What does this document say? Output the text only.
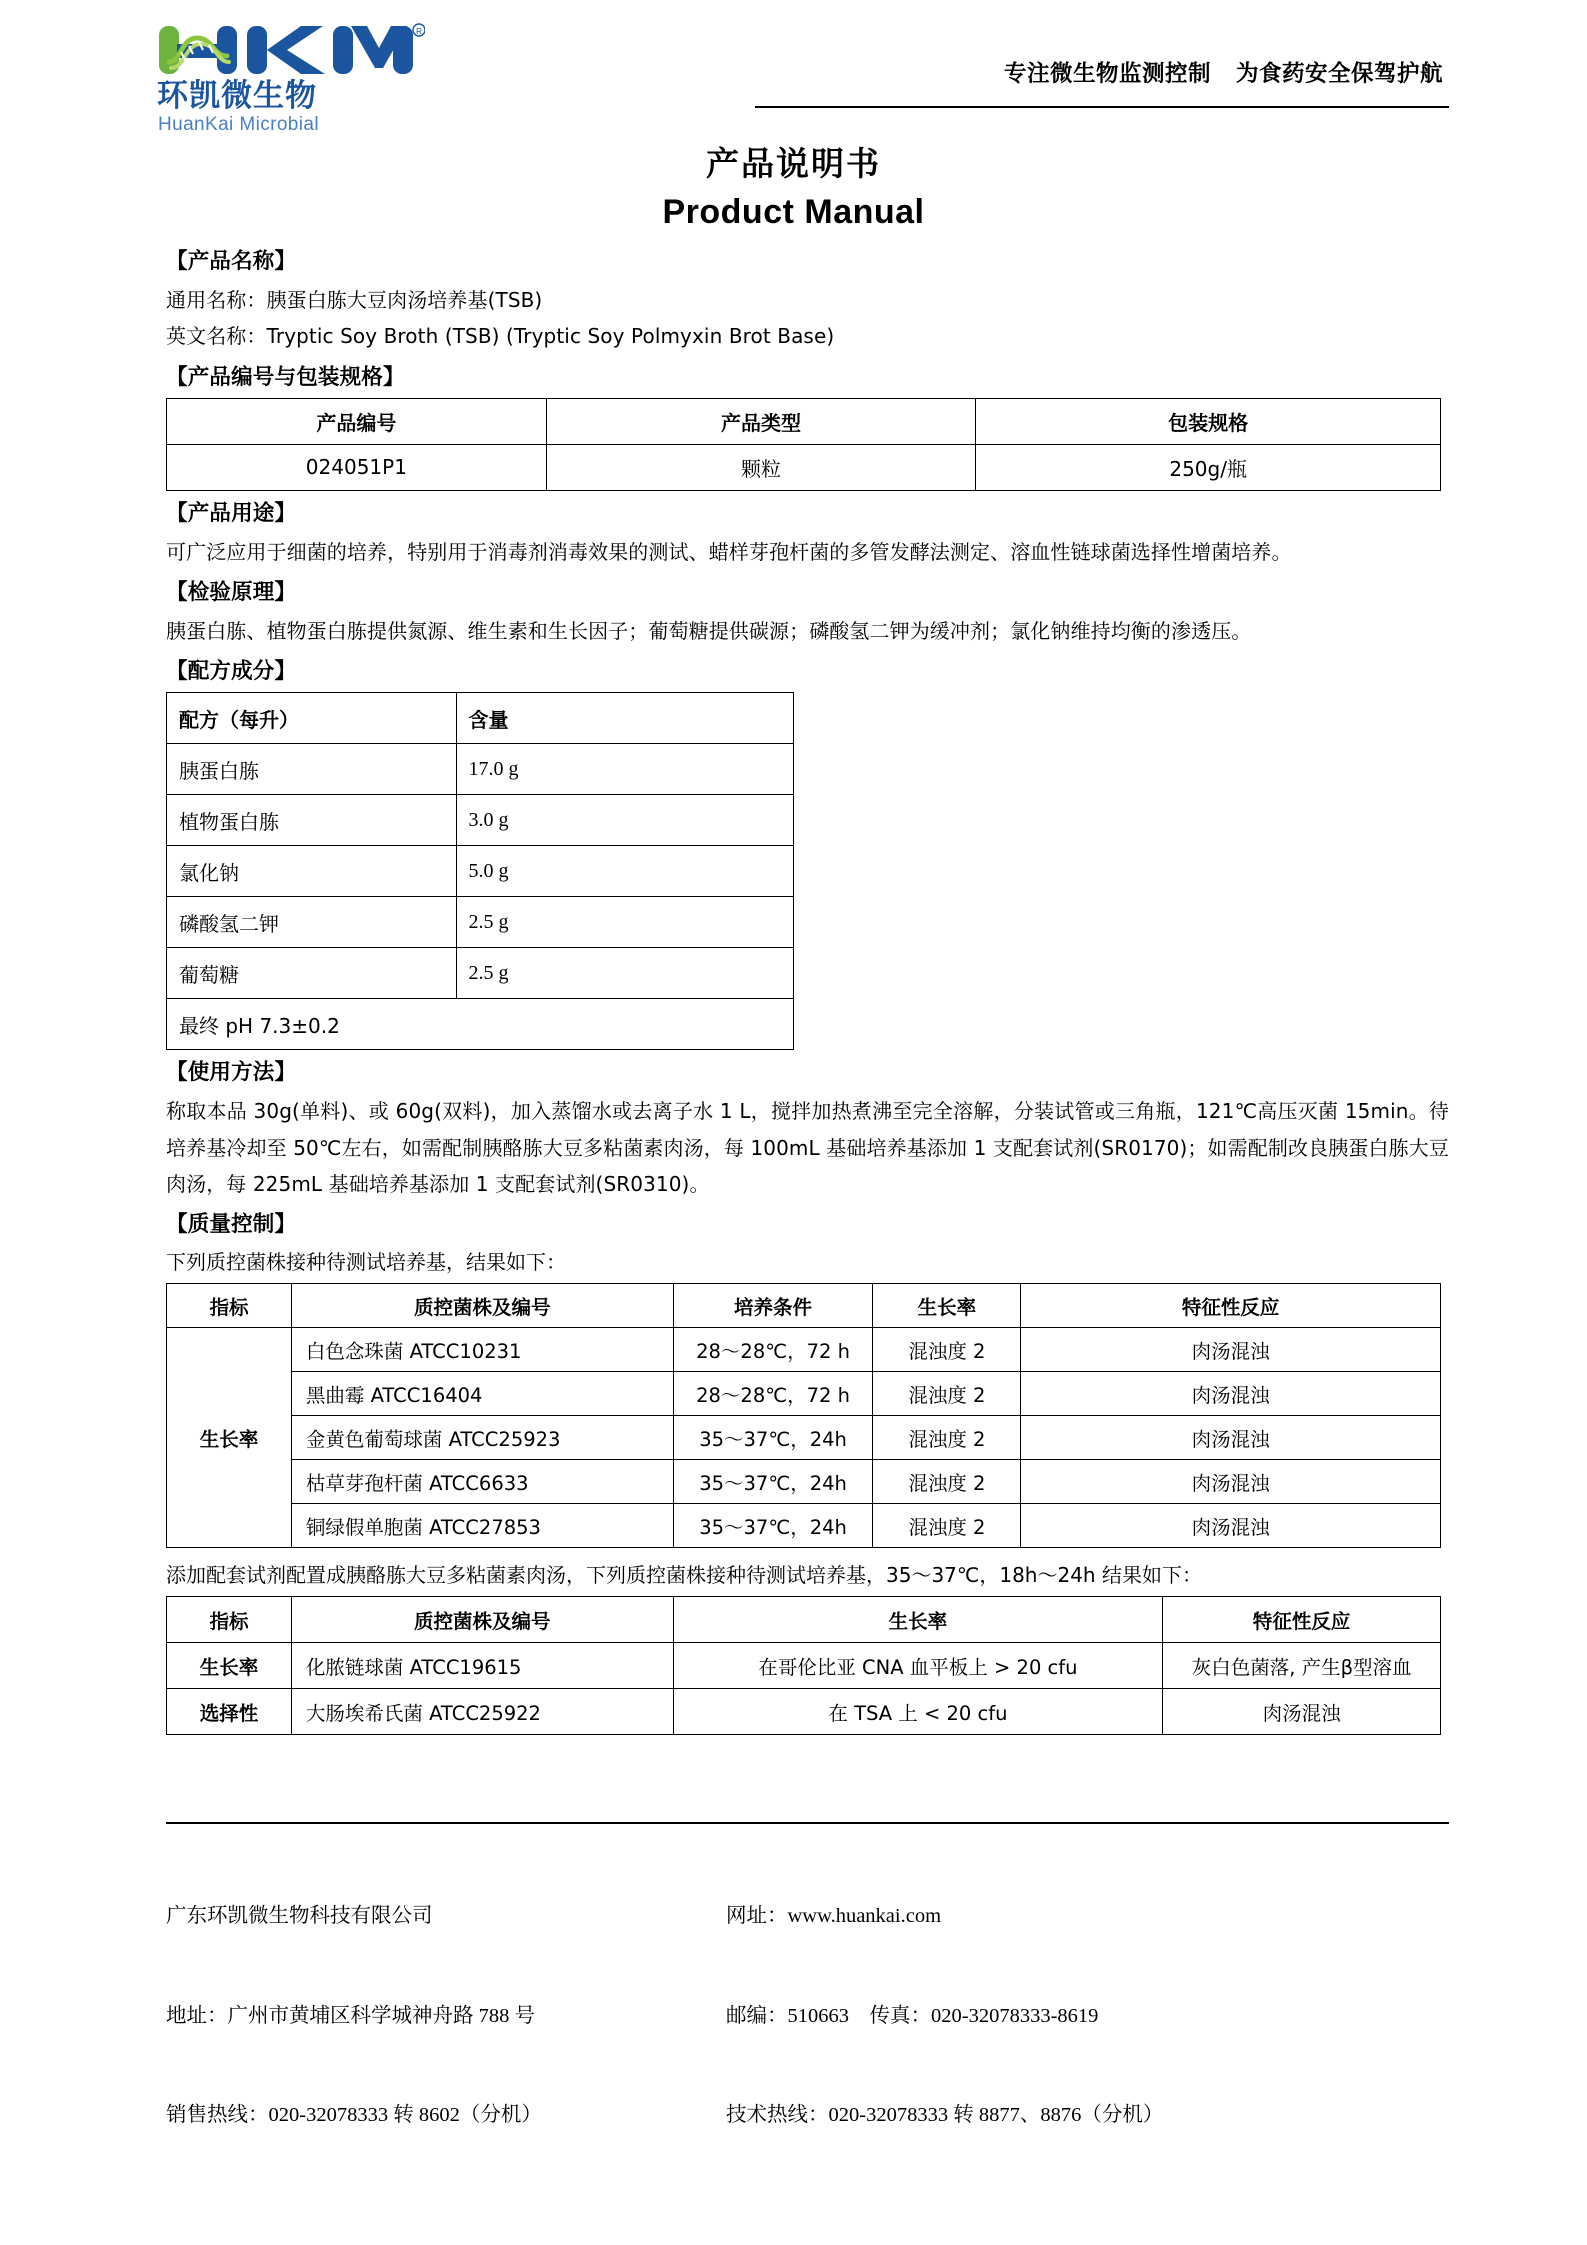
R
环凯微生物
HuanKai Microbial
专注微生物监测控制   为食药安全保驾护航
产品说明书
Product Manual
【产品名称】
通用名称：胰蛋白胨大豆肉汤培养基(TSB)
英文名称：Tryptic Soy Broth (TSB) (Tryptic Soy Polmyxin Brot Base)
【产品编号与包装规格】
产品编号	产品类型	包装规格
024051P1	颗粒	250g/瓶
【产品用途】

可广泛应用于细菌的培养，特别用于消毒剂消毒效果的测试、蜡样芽孢杆菌的多管发酵法测定、溶血性链球菌选择性增菌培养。

【检验原理】

胰蛋白胨、植物蛋白胨提供氮源、维生素和生长因子；葡萄糖提供碳源；磷酸氢二钾为缓冲剂；氯化钠维持均衡的渗透压。

【配方成分】
配方（每升）	含量
胰蛋白胨	17.0 g
植物蛋白胨	3.0 g
氯化钠	5.0 g
磷酸氢二钾	2.5 g
葡萄糖	2.5 g
最终 pH 7.3±0.2	
【使用方法】

称取本品 30g(单料)、或 60g(双料)，加入蒸馏水或去离子水 1 L，搅拌加热煮沸至完全溶解，分装试管或三角瓶，121℃高压灭菌 15min。待培养基冷却至 50℃左右，如需配制胰酪胨大豆多粘菌素肉汤，每 100mL 基础培养基添加 1 支配套试剂(SR0170)；如需配制改良胰蛋白胨大豆肉汤，每 225mL 基础培养基添加 1 支配套试剂(SR0310)。

【质量控制】

下列质控菌株接种待测试培养基，结果如下：

指标	质控菌株及编号	培养条件	生长率	特征性反应
生长率	白色念珠菌 ATCC10231	28～28℃，72 h	混浊度 2	肉汤混浊
	黑曲霉 ATCC16404	28～28℃，72 h	混浊度 2	肉汤混浊
	金黄色葡萄球菌 ATCC25923	35～37℃，24h	混浊度 2	肉汤混浊
	枯草芽孢杆菌 ATCC6633	35～37℃，24h	混浊度 2	肉汤混浊
	铜绿假单胞菌 ATCC27853	35～37℃，24h	混浊度 2	肉汤混浊

添加配套试剂配置成胰酪胨大豆多粘菌素肉汤，下列质控菌株接种待测试培养基，35～37℃，18h～24h 结果如下：

指标	质控菌株及编号	生长率	特征性反应
生长率	化脓链球菌 ATCC19615	在哥伦比亚 CNA 血平板上 > 20 cfu	灰白色菌落, 产生β型溶血
选择性	大肠埃希氏菌 ATCC25922	在 TSA 上 < 20 cfu	肉汤混浊

广东环凯微生物科技有限公司

地址：广州市黄埔区科学城神舟路 788 号

销售热线：020-32078333 转 8602（分机）

网址：www.huankai.com

邮编：510663    传真：020-32078333-8619

技术热线：020-32078333 转 8877、8876（分机）
